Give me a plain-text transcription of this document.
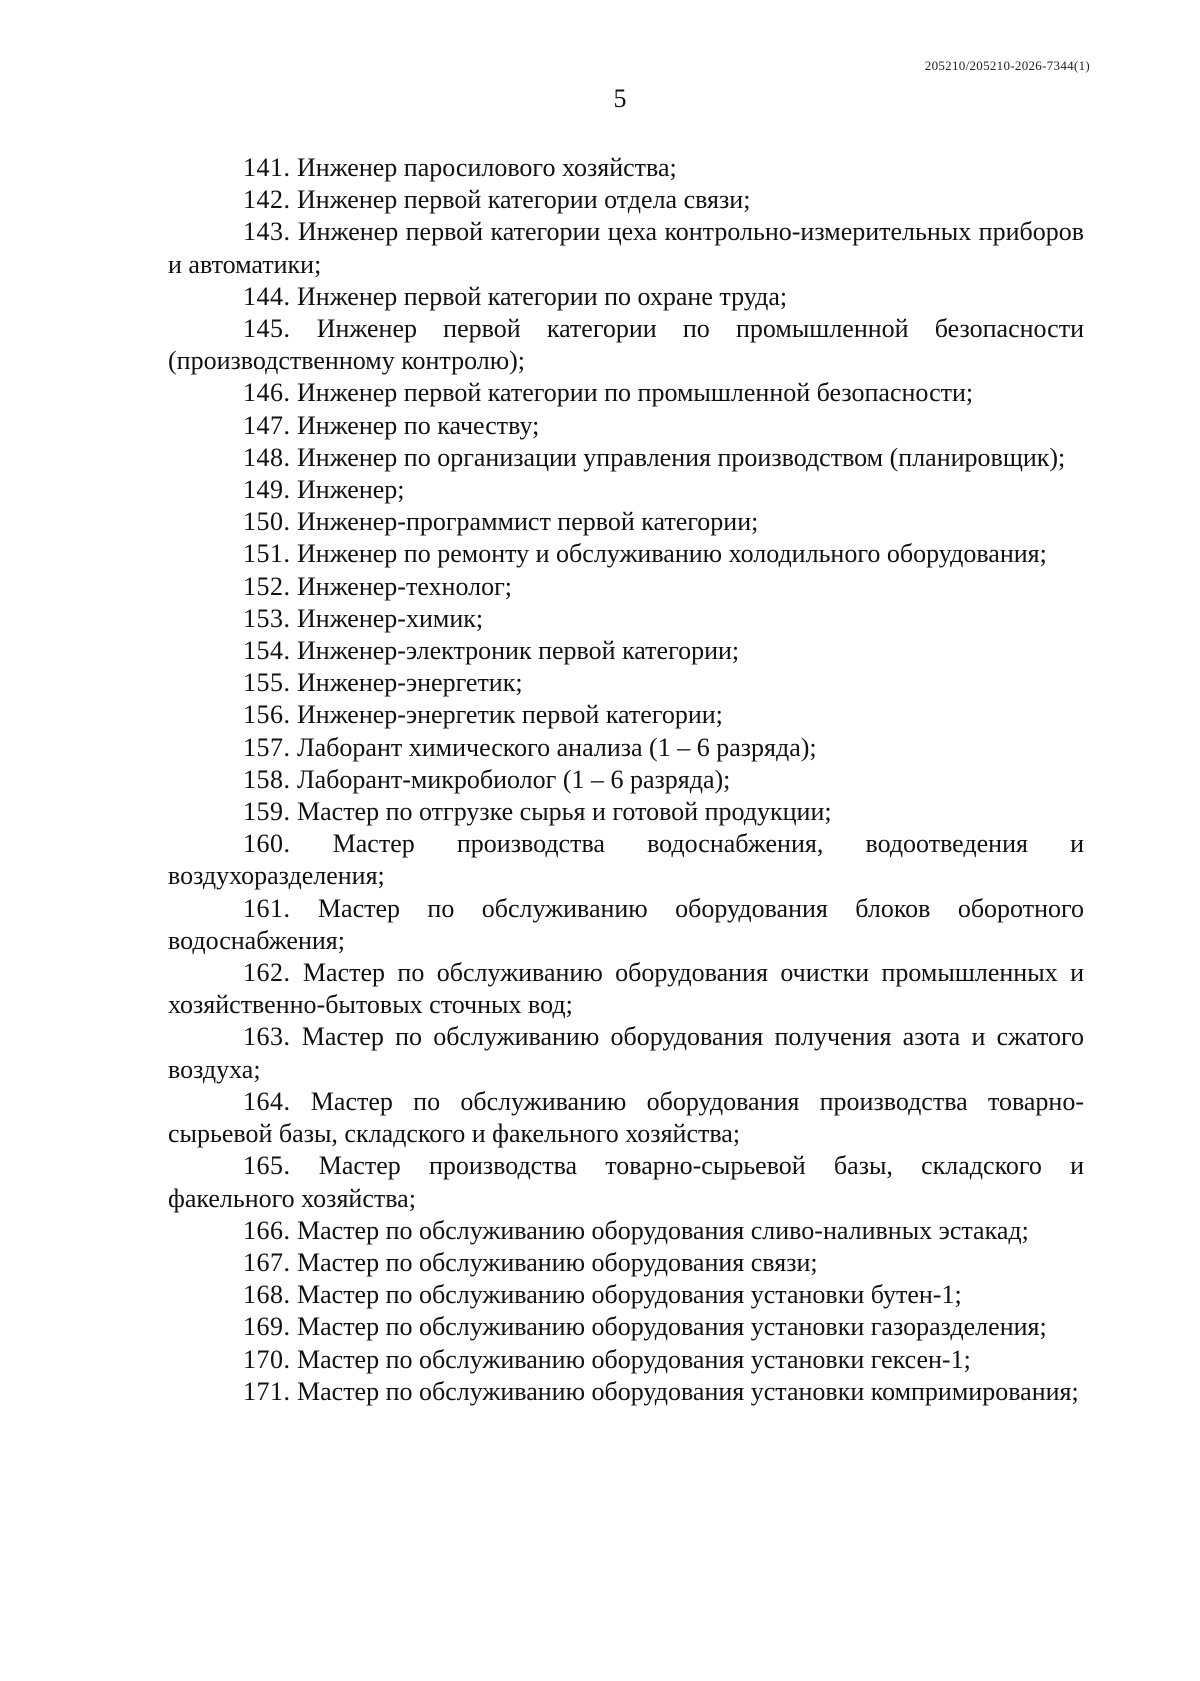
205210/205210-2026-7344(1)
5

141. Инженер паросилового хозяйства;

142. Инженер первой категории отдела связи;

143. Инженер первой категории цеха контрольно-измерительных приборов и автоматики;

144. Инженер первой категории по охране труда;

145. Инженер первой категории по промышленной безопасности (производственному контролю);

146. Инженер первой категории по промышленной безопасности;

147. Инженер по качеству;

148. Инженер по организации управления производством (планировщик);

149. Инженер;

150. Инженер-программист первой категории;

151. Инженер по ремонту и обслуживанию холодильного оборудования;

152. Инженер-технолог;

153. Инженер-химик;

154. Инженер-электроник первой категории;

155. Инженер-энергетик;

156. Инженер-энергетик первой категории;

157. Лаборант химического анализа (1 – 6 разряда);

158. Лаборант-микробиолог (1 – 6 разряда);

159. Мастер по отгрузке сырья и готовой продукции;

160. Мастер производства водоснабжения, водоотведения и воздухоразделения;

161. Мастер по обслуживанию оборудования блоков оборотного водоснабжения;

162. Мастер по обслуживанию оборудования очистки промышленных и хозяйственно-бытовых сточных вод;

163. Мастер по обслуживанию оборудования получения азота и сжатого воздуха;

164. Мастер по обслуживанию оборудования производства товарно-сырьевой базы, складского и факельного хозяйства;

165. Мастер производства товарно-сырьевой базы, складского и факельного хозяйства;

166. Мастер по обслуживанию оборудования сливо-наливных эстакад;

167. Мастер по обслуживанию оборудования связи;

168. Мастер по обслуживанию оборудования установки бутен-1;

169. Мастер по обслуживанию оборудования установки газоразделения;

170. Мастер по обслуживанию оборудования установки гексен-1;

171. Мастер по обслуживанию оборудования установки компримирования;
